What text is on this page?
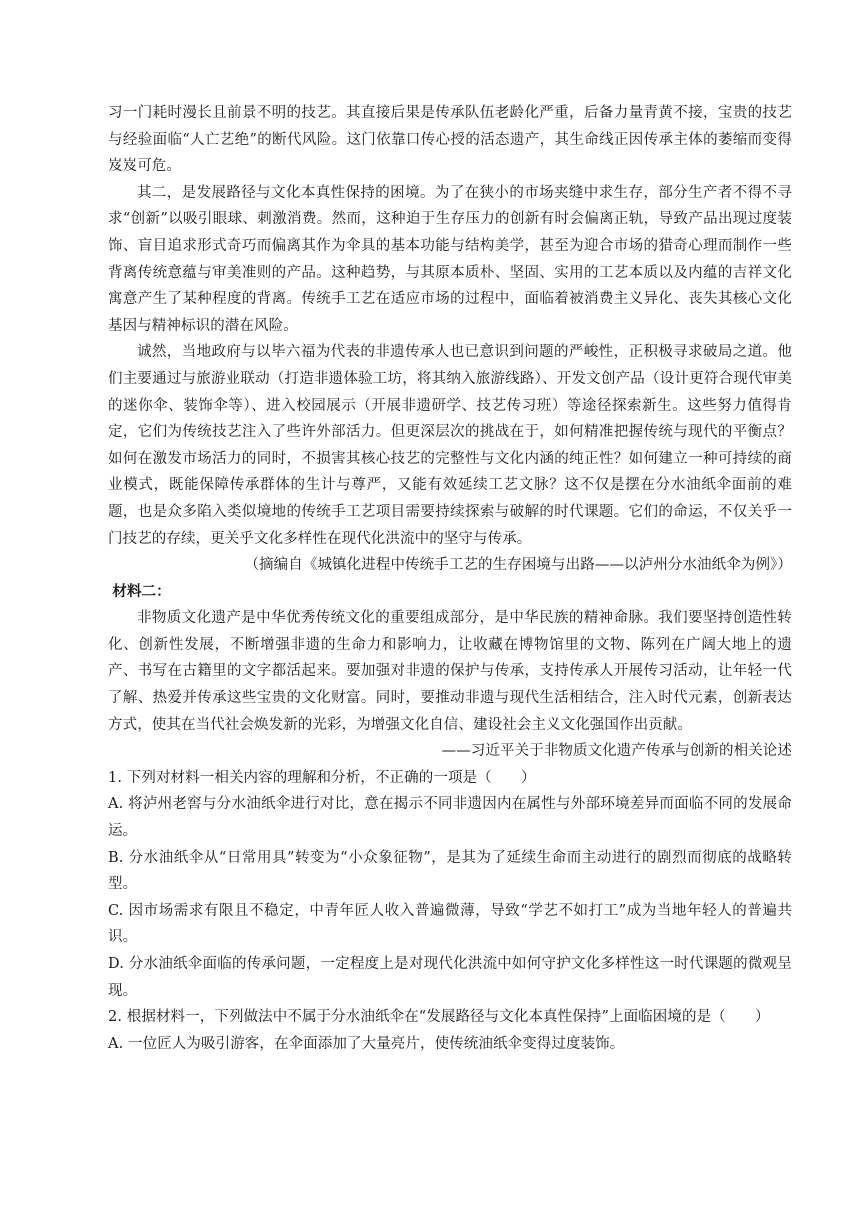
习一门耗时漫长且前景不明的技艺。其直接后果是传承队伍老龄化严重，后备力量青黄不接，宝贵的技艺与经验面临“人亡艺绝”的断代风险。这门依靠口传心授的活态遗产，其生命线正因传承主体的萎缩而变得岌岌可危。

其二，是发展路径与文化本真性保持的困境。为了在狭小的市场夹缝中求生存，部分生产者不得不寻求“创新”以吸引眼球、刺激消费。然而，这种迫于生存压力的创新有时会偏离正轨，导致产品出现过度装饰、盲目追求形式奇巧而偏离其作为伞具的基本功能与结构美学，甚至为迎合市场的猎奇心理而制作一些背离传统意蕴与审美准则的产品。这种趋势，与其原本质朴、坚固、实用的工艺本质以及内蕴的吉祥文化寓意产生了某种程度的背离。传统手工艺在适应市场的过程中，面临着被消费主义异化、丧失其核心文化基因与精神标识的潜在风险。

诚然，当地政府与以毕六福为代表的非遗传承人也已意识到问题的严峻性，正积极寻求破局之道。他们主要通过与旅游业联动（打造非遗体验工坊，将其纳入旅游线路）、开发文创产品（设计更符合现代审美的迷你伞、装饰伞等）、进入校园展示（开展非遗研学、技艺传习班）等途径探索新生。这些努力值得肯定，它们为传统技艺注入了些许外部活力。但更深层次的挑战在于，如何精准把握传统与现代的平衡点？如何在激发市场活力的同时，不损害其核心技艺的完整性与文化内涵的纯正性？如何建立一种可持续的商业模式，既能保障传承群体的生计与尊严，又能有效延续工艺文脉？这不仅是摆在分水油纸伞面前的难题，也是众多陷入类似境地的传统手工艺项目需要持续探索与破解的时代课题。它们的命运，不仅关乎一门技艺的存续，更关乎文化多样性在现代化洪流中的坚守与传承。

（摘编自《城镇化进程中传统手工艺的生存困境与出路——以泸州分水油纸伞为例》）

材料二：

非物质文化遗产是中华优秀传统文化的重要组成部分，是中华民族的精神命脉。我们要坚持创造性转化、创新性发展，不断增强非遗的生命力和影响力，让收藏在博物馆里的文物、陈列在广阔大地上的遗产、书写在古籍里的文字都活起来。要加强对非遗的保护与传承，支持传承人开展传习活动，让年轻一代了解、热爱并传承这些宝贵的文化财富。同时，要推动非遗与现代生活相结合，注入时代元素，创新表达方式，使其在当代社会焕发新的光彩，为增强文化自信、建设社会主义文化强国作出贡献。

——习近平关于非物质文化遗产传承与创新的相关论述

1. 下列对材料一相关内容的理解和分析，不正确的一项是（　　）

A. 将泸州老窖与分水油纸伞进行对比，意在揭示不同非遗因内在属性与外部环境差异而面临不同的发展命运。

B. 分水油纸伞从“日常用具”转变为“小众象征物”，是其为了延续生命而主动进行的剧烈而彻底的战略转型。

C. 因市场需求有限且不稳定，中青年匠人收入普遍微薄，导致“学艺不如打工”成为当地年轻人的普遍共识。

D. 分水油纸伞面临的传承问题，一定程度上是对现代化洪流中如何守护文化多样性这一时代课题的微观呈现。

2. 根据材料一，下列做法中不属于分水油纸伞在“发展路径与文化本真性保持”上面临困境的是（　　）

A. 一位匠人为吸引游客，在伞面添加了大量亮片，使传统油纸伞变得过度装饰。
